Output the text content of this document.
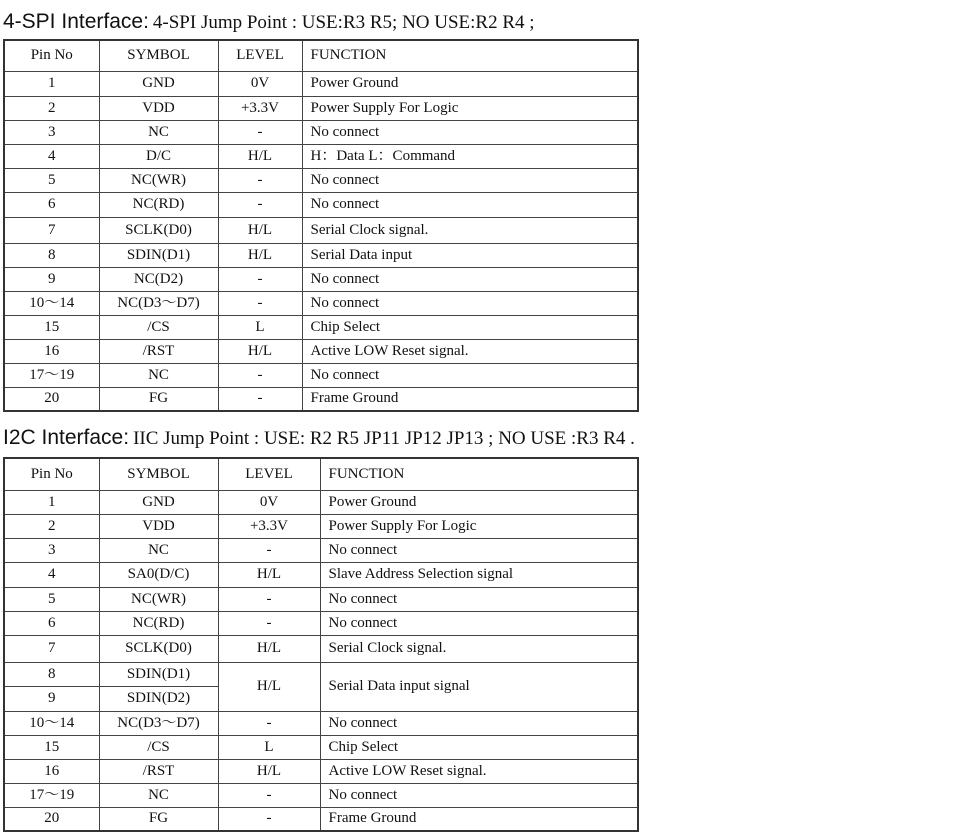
4-SPI Interface: 4-SPI Jump Point : USE:R3 R5; NO USE:R2 R4 ;
Pin No	SYMBOL	LEVEL	FUNCTION
1	GND	0V	Power Ground
2	VDD	+3.3V	Power Supply For Logic
3	NC	-	No connect
4	D/C	H/L	H：Data L：Command
5	NC(WR)	-	No connect
6	NC(RD)	-	No connect
7	SCLK(D0)	H/L	Serial Clock signal.
8	SDIN(D1)	H/L	Serial Data input
9	NC(D2)	-	No connect
10～14	NC(D3～D7)	-	No connect
15	/CS	L	Chip Select
16	/RST	H/L	Active LOW Reset signal.
17～19	NC	-	No connect
20	FG	-	Frame Ground
I2C Interface: IIC Jump Point : USE: R2 R5 JP11 JP12 JP13 ; NO USE :R3 R4 .
Pin No	SYMBOL	LEVEL	FUNCTION
1	GND	0V	Power Ground
2	VDD	+3.3V	Power Supply For Logic
3	NC	-	No connect
4	SA0(D/C)	H/L	Slave Address Selection signal
5	NC(WR)	-	No connect
6	NC(RD)	-	No connect
7	SCLK(D0)	H/L	Serial Clock signal.
8	SDIN(D1)	H/L	Serial Data input signal
9	SDIN(D2)		
10～14	NC(D3～D7)	-	No connect
15	/CS	L	Chip Select
16	/RST	H/L	Active LOW Reset signal.
17～19	NC	-	No connect
20	FG	-	Frame Ground
